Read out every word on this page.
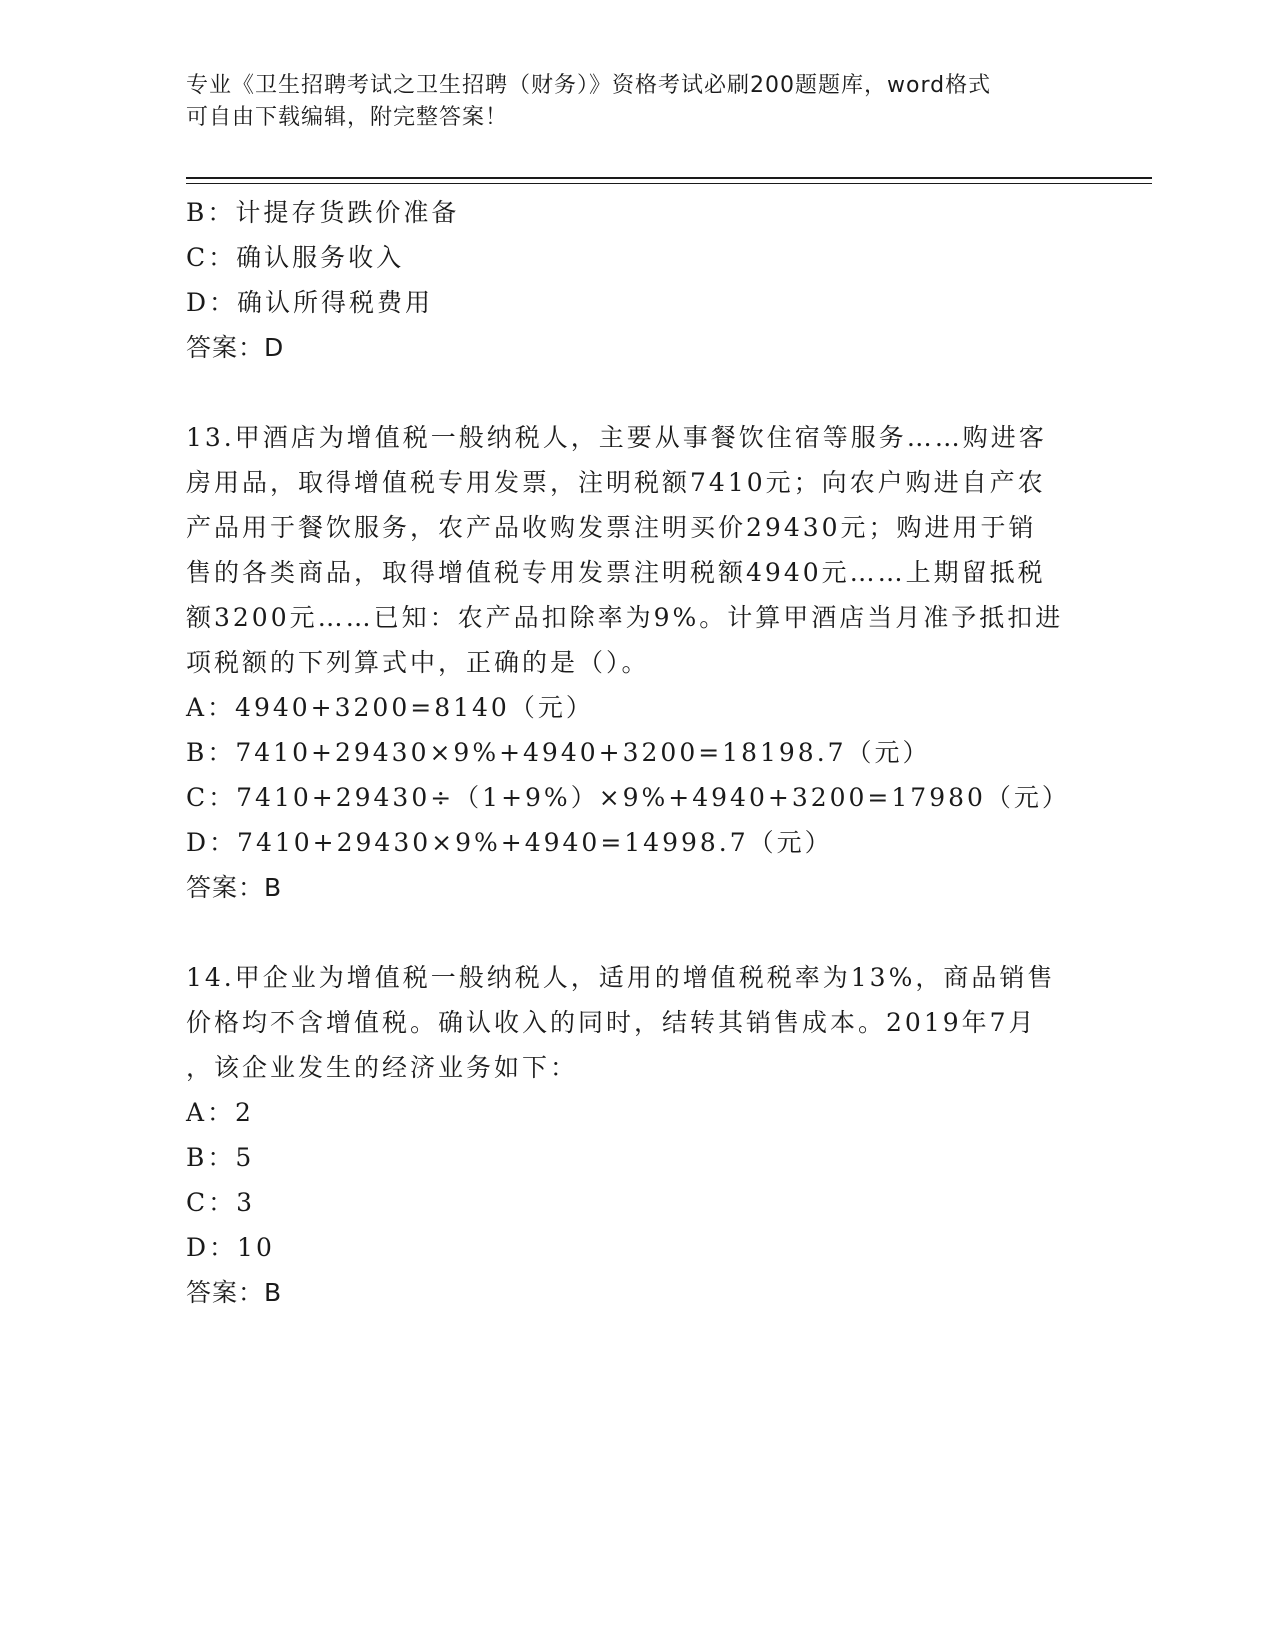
专业《卫生招聘考试之卫生招聘（财务）》资格考试必刷200题题库，word格式
可自由下载编辑，附完整答案！
B：计提存货跌价准备
C：确认服务收入
D：确认所得税费用
答案：D
13.甲酒店为增值税一般纳税人，主要从事餐饮住宿等服务……购进客
房用品，取得增值税专用发票，注明税额7410元；向农户购进自产农
产品用于餐饮服务，农产品收购发票注明买价29430元；购进用于销
售的各类商品，取得增值税专用发票注明税额4940元……上期留抵税
额3200元……已知：农产品扣除率为9%。计算甲酒店当月准予抵扣进
项税额的下列算式中，正确的是（）。
A：4940+3200=8140（元）
B：7410+29430×9%+4940+3200=18198.7（元）
C：7410+29430÷（1+9%）×9%+4940+3200=17980（元）
D：7410+29430×9%+4940=14998.7（元）
答案：B
14.甲企业为增值税一般纳税人，适用的增值税税率为13%，商品销售
价格均不含增值税。确认收入的同时，结转其销售成本。2019年7月
，该企业发生的经济业务如下：
A：2
B：5
C：3
D：10
答案：B
